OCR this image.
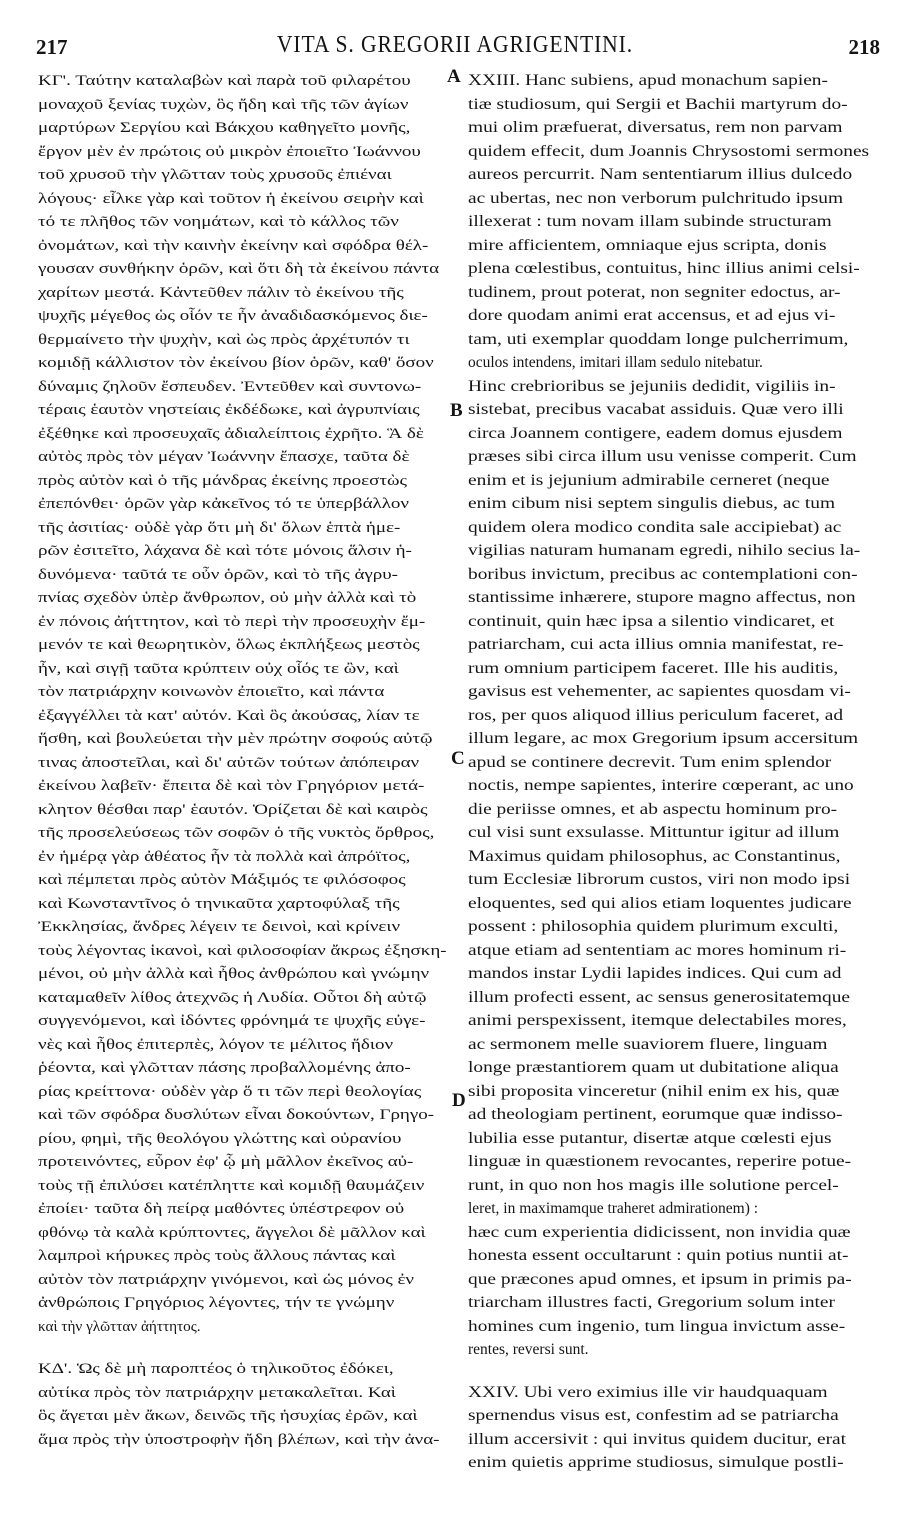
217	VITA S. GREGORII AGRIGENTINI.	218
ΚΓ'. Ταύτην καταλαβὼν καὶ παρὰ τοῦ φιλαρέτου
μοναχοῦ ξενίας τυχὼν, ὃς ἤδη καὶ τῆς τῶν ἁγίων
μαρτύρων Σεργίου καὶ Βάκχου καθηγεῖτο μονῆς,
ἔργον μὲν ἐν πρώτοις οὐ μικρὸν ἐποιεῖτο Ἰωάννου
τοῦ χρυσοῦ τὴν γλῶτταν τοὺς χρυσοῦς ἐπιέναι
λόγους· εἷλκε γὰρ καὶ τοῦτον ἡ ἐκείνου σειρὴν καὶ
τό τε πλῆθος τῶν νοημάτων, καὶ τὸ κάλλος τῶν
ὀνομάτων, καὶ τὴν καινὴν ἐκείνην καὶ σφόδρα θέλ-
γουσαν συνθήκην ὁρῶν, καὶ ὅτι δὴ τὰ ἐκείνου πάντα
χαρίτων μεστά. Κἀντεῦθεν πάλιν τὸ ἐκείνου τῆς
ψυχῆς μέγεθος ὡς οἷόν τε ἦν ἀναδιδασκόμενος διε-
θερμαίνετο τὴν ψυχὴν, καὶ ὡς πρὸς ἀρχέτυπόν τι
κομιδῇ κάλλιστον τὸν ἐκείνου βίον ὁρῶν, καθ' ὅσον
δύναμις ζηλοῦν ἔσπευδεν. Ἐντεῦθεν καὶ συντονω-
τέραις ἑαυτὸν νηστείαις ἐκδέδωκε, καὶ ἀγρυπνίαις
ἐξέθηκε καὶ προσευχαῖς ἀδιαλείπτοις ἐχρῆτο. Ἃ δὲ
αὐτὸς πρὸς τὸν μέγαν Ἰωάννην ἔπασχε, ταῦτα δὲ
πρὸς αὐτὸν καὶ ὁ τῆς μάνδρας ἐκείνης προεστὼς
ἐπεπόνθει· ὁρῶν γὰρ κἀκεῖνος τό τε ὑπερβάλλον
τῆς ἀσιτίας· οὐδὲ γὰρ ὅτι μὴ δι' ὅλων ἑπτὰ ἡμε-
ρῶν ἐσιτεῖτο, λάχανα δὲ καὶ τότε μόνοις ἅλσιν ἡ-
δυνόμενα· ταῦτά τε οὖν ὁρῶν, καὶ τὸ τῆς ἀγρυ-
πνίας σχεδὸν ὑπὲρ ἄνθρωπον, οὐ μὴν ἀλλὰ καὶ τὸ
ἐν πόνοις ἀήττητον, καὶ τὸ περὶ τὴν προσευχὴν ἔμ-
μενόν τε καὶ θεωρητικὸν, ὅλως ἐκπλήξεως μεστὸς
ἦν, καὶ σιγῇ ταῦτα κρύπτειν οὐχ οἷός τε ὢν, καὶ
τὸν πατριάρχην κοινωνὸν ἐποιεῖτο, καὶ πάντα
ἐξαγγέλλει τὰ κατ' αὐτόν. Καὶ ὃς ἀκούσας, λίαν τε
ἥσθη, καὶ βουλεύεται τὴν μὲν πρώτην σοφούς αὐτῷ
τινας ἀποστεῖλαι, καὶ δι' αὐτῶν τούτων ἀπόπειραν
ἐκείνου λαβεῖν· ἔπειτα δὲ καὶ τὸν Γρηγόριον μετά-
κλητον θέσθαι παρ' ἑαυτόν. Ὁρίζεται δὲ καὶ καιρὸς
τῆς προσελεύσεως τῶν σοφῶν ὁ τῆς νυκτὸς ὄρθρος,
ἐν ἡμέρᾳ γὰρ ἀθέατος ἦν τὰ πολλὰ καὶ ἀπρόϊτος,
καὶ πέμπεται πρὸς αὐτὸν Μάξιμός τε φιλόσοφος
καὶ Κωνσταντῖνος ὁ τηνικαῦτα χαρτοφύλαξ τῆς
Ἐκκλησίας, ἄνδρες λέγειν τε δεινοὶ, καὶ κρίνειν
τοὺς λέγοντας ἱκανοὶ, καὶ φιλοσοφίαν ἄκρως ἐξησκη-
μένοι, οὐ μὴν ἀλλὰ καὶ ἦθος ἀνθρώπου καὶ γνώμην
καταμαθεῖν λίθος ἀτεχνῶς ἡ Λυδία. Οὗτοι δὴ αὐτῷ
συγγενόμενοι, καὶ ἰδόντες φρόνημά τε ψυχῆς εὐγε-
νὲς καὶ ἦθος ἐπιτερπὲς, λόγον τε μέλιτος ἥδιον
ῥέοντα, καὶ γλῶτταν πάσης προβαλλομένης ἀπο-
ρίας κρείττονα· οὐδὲν γὰρ ὅ τι τῶν περὶ θεολογίας
καὶ τῶν σφόδρα δυσλύτων εἶναι δοκούντων, Γρηγο-
ρίου, φημὶ, τῆς θεολόγου γλώττης καὶ οὐρανίου
προτεινόντες, εὗρον ἐφ' ᾧ μὴ μᾶλλον ἐκεῖνος αὐ-
τοὺς τῇ ἐπιλύσει κατέπληττε καὶ κομιδῇ θαυμάζειν
ἐποίει· ταῦτα δὴ πείρᾳ μαθόντες ὑπέστρεφον οὐ
φθόνῳ τὰ καλὰ κρύπτοντες, ἄγγελοι δὲ μᾶλλον καὶ
λαμπροὶ κήρυκες πρὸς τοὺς ἄλλους πάντας καὶ
αὐτὸν τὸν πατριάρχην γινόμενοι, καὶ ὡς μόνος ἐν
ἀνθρώποις Γρηγόριος λέγοντες, τήν τε γνώμην
καὶ τὴν γλῶτταν ἀήττητος.
ΚΔ'. Ὡς δὲ μὴ παροπτέος ὁ τηλικοῦτος ἐδόκει,
αὐτίκα πρὸς τὸν πατριάρχην μετακαλεῖται. Καὶ
ὃς ἄγεται μὲν ἄκων, δεινῶς τῆς ἡσυχίας ἐρῶν, καὶ
ἅμα πρὸς τὴν ὑποστροφὴν ἤδη βλέπων, καὶ τὴν ἀνα-
XXIII. Hanc subiens, apud monachum sapien-
tiæ studiosum, qui Sergii et Bachii martyrum do-
mui olim præfuerat, diversatus, rem non parvam
quidem effecit, dum Joannis Chrysostomi sermones
aureos percurrit. Nam sententiarum illius dulcedo
ac ubertas, nec non verborum pulchritudo ipsum
illexerat : tum novam illam subinde structuram
mire afficientem, omniaque ejus scripta, donis
plena cœlestibus, contuitus, hinc illius animi celsi-
tudinem, prout poterat, non segniter edoctus, ar-
dore quodam animi erat accensus, et ad ejus vi-
tam, uti exemplar quoddam longe pulcherrimum,
oculos intendens, imitari illam sedulo nitebatur.
Hinc crebrioribus se jejuniis dedidit, vigiliis in-
sistebat, precibus vacabat assiduis. Quæ vero illi
circa Joannem contigere, eadem domus ejusdem
præses sibi circa illum usu venisse comperit. Cum
enim et is jejunium admirabile cerneret (neque
enim cibum nisi septem singulis diebus, ac tum
quidem olera modico condita sale accipiebat) ac
vigilias naturam humanam egredi, nihilo secius la-
boribus invictum, precibus ac contemplationi con-
stantissime inhærere, stupore magno affectus, non
continuit, quin hæc ipsa a silentio vindicaret, et
patriarcham, cui acta illius omnia manifestat, re-
rum omnium participem faceret. Ille his auditis,
gavisus est vehementer, ac sapientes quosdam vi-
ros, per quos aliquod illius periculum faceret, ad
illum legare, ac mox Gregorium ipsum accersitum
apud se continere decrevit. Tum enim splendor
noctis, nempe sapientes, interire cœperant, ac uno
die periisse omnes, et ab aspectu hominum pro-
cul visi sunt exsulasse. Mittuntur igitur ad illum
Maximus quidam philosophus, ac Constantinus,
tum Ecclesiæ librorum custos, viri non modo ipsi
eloquentes, sed qui alios etiam loquentes judicare
possent : philosophia quidem plurimum exculti,
atque etiam ad sententiam ac mores hominum ri-
mandos instar Lydii lapides indices. Qui cum ad
illum profecti essent, ac sensus generositatemque
animi perspexissent, itemque delectabiles mores,
ac sermonem melle suaviorem fluere, linguam
longe præstantiorem quam ut dubitatione aliqua
sibi proposita vinceretur (nihil enim ex his, quæ
ad theologiam pertinent, eorumque quæ indisso-
lubilia esse putantur, disertæ atque cœlesti ejus
linguæ in quæstionem revocantes, reperire potue-
runt, in quo non hos magis ille solutione percel-
leret, in maximamque traheret admirationem) :
hæc cum experientia didicissent, non invidia quæ
honesta essent occultarunt : quin potius nuntii at-
que præcones apud omnes, et ipsum in primis pa-
triarcham illustres facti, Gregorium solum inter
homines cum ingenio, tum lingua invictum asse-
rentes, reversi sunt.
XXIV. Ubi vero eximius ille vir haudquaquam
spernendus visus est, confestim ad se patriarcha
illum accersivit : qui invitus quidem ducitur, erat
enim quietis apprime studiosus, simulque postli-
A
B
C
D
